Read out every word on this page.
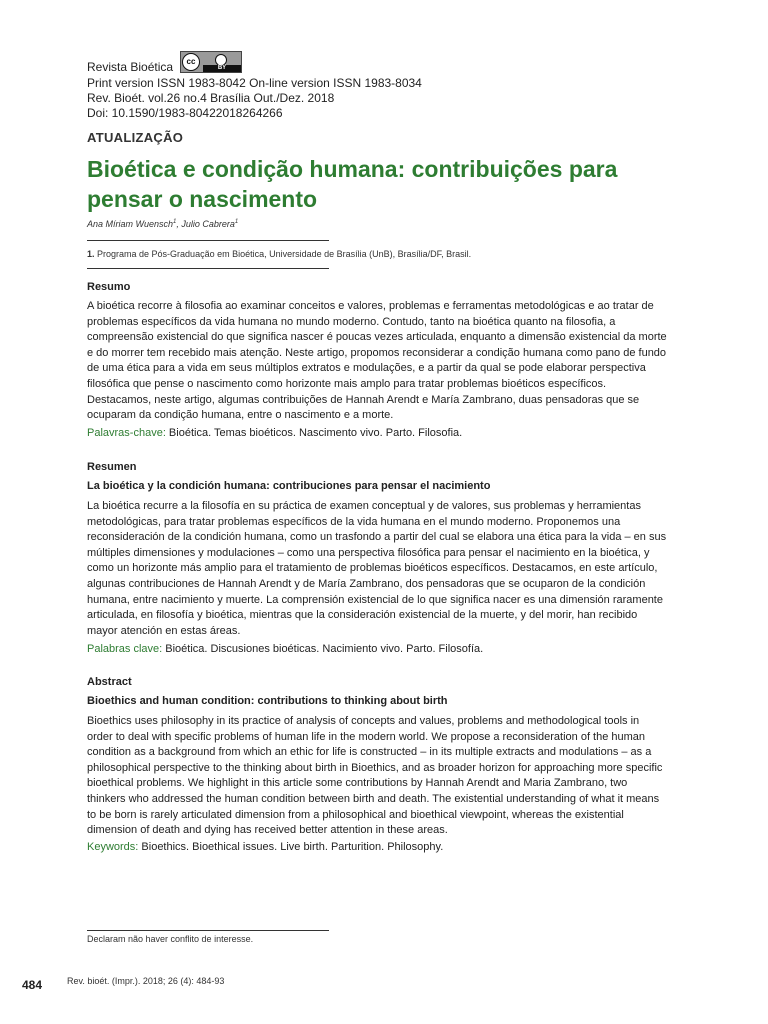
Revista Bioética	cc
BY
Print version ISSN 1983-8042 On-line version ISSN 1983-8034
Rev. Bioét. vol.26 no.4 Brasília Out./Dez. 2018
Doi: 10.1590/1983-80422018264266
ATUALIZAÇÃO
Bioética e condição humana: contribuições para pensar o nascimento
Ana Míriam Wuensch$^1$, Julio Cabrera$^1$
1. Programa de Pós-Graduação em Bioética, Universidade de Brasília (UnB), Brasília/DF, Brasil.
Resumo
A bioética recorre à filosofia ao examinar conceitos e valores, problemas e ferramentas metodológicas e ao tratar de problemas específicos da vida humana no mundo moderno. Contudo, tanto na bioética quanto na filosofia, a compreensão existencial do que significa nascer é poucas vezes articulada, enquanto a dimensão existencial da morte e do morrer tem recebido mais atenção. Neste artigo, propomos reconsiderar a condição humana como pano de fundo de uma ética para a vida em seus múltiplos extratos e modulações, e a partir da qual se pode elaborar perspectiva filosófica que pense o nascimento como horizonte mais amplo para tratar problemas bioéticos específicos. Destacamos, neste artigo, algumas contribuições de Hannah Arendt e María Zambrano, duas pensadoras que se ocuparam da condição humana, entre o nascimento e a morte.
Palavras-chave: Bioética. Temas bioéticos. Nascimento vivo. Parto. Filosofia.
Resumen
La bioética y la condición humana: contribuciones para pensar el nacimiento
La bioética recurre a la filosofía en su práctica de examen conceptual y de valores, sus problemas y herramientas metodológicas, para tratar problemas específicos de la vida humana en el mundo moderno. Proponemos una reconsideración de la condición humana, como un trasfondo a partir del cual se elabora una ética para la vida – en sus múltiples dimensiones y modulaciones – como una perspectiva filosófica para pensar el nacimiento en la bioética, y como un horizonte más amplio para el tratamiento de problemas bioéticos específicos. Destacamos, en este artículo, algunas contribuciones de Hannah Arendt y de María Zambrano, dos pensadoras que se ocuparon de la condición humana, entre nacimiento y muerte. La comprensión existencial de lo que significa nacer es una dimensión raramente articulada, en filosofía y bioética, mientras que la consideración existencial de la muerte, y del morir, han recibido mayor atención en estas áreas.
Palabras clave: Bioética. Discusiones bioéticas. Nacimiento vivo. Parto. Filosofía.
Abstract
Bioethics and human condition: contributions to thinking about birth
Bioethics uses philosophy in its practice of analysis of concepts and values, problems and methodological tools in order to deal with specific problems of human life in the modern world. We propose a reconsideration of the human condition as a background from which an ethic for life is constructed – in its multiple extracts and modulations – as a philosophical perspective to the thinking about birth in Bioethics, and as broader horizon for approaching more specific bioethical problems. We highlight in this article some contributions by Hannah Arendt and Maria Zambrano, two thinkers who addressed the human condition between birth and death. The existential understanding of what it means to be born is rarely articulated dimension from a philosophical and bioethical viewpoint, whereas the existential dimension of death and dying has received better attention in these areas.
Keywords: Bioethics. Bioethical issues. Live birth. Parturition. Philosophy.
Declaram não haver conflito de interesse.
484	Rev. bioét. (Impr.). 2018; 26 (4): 484-93
